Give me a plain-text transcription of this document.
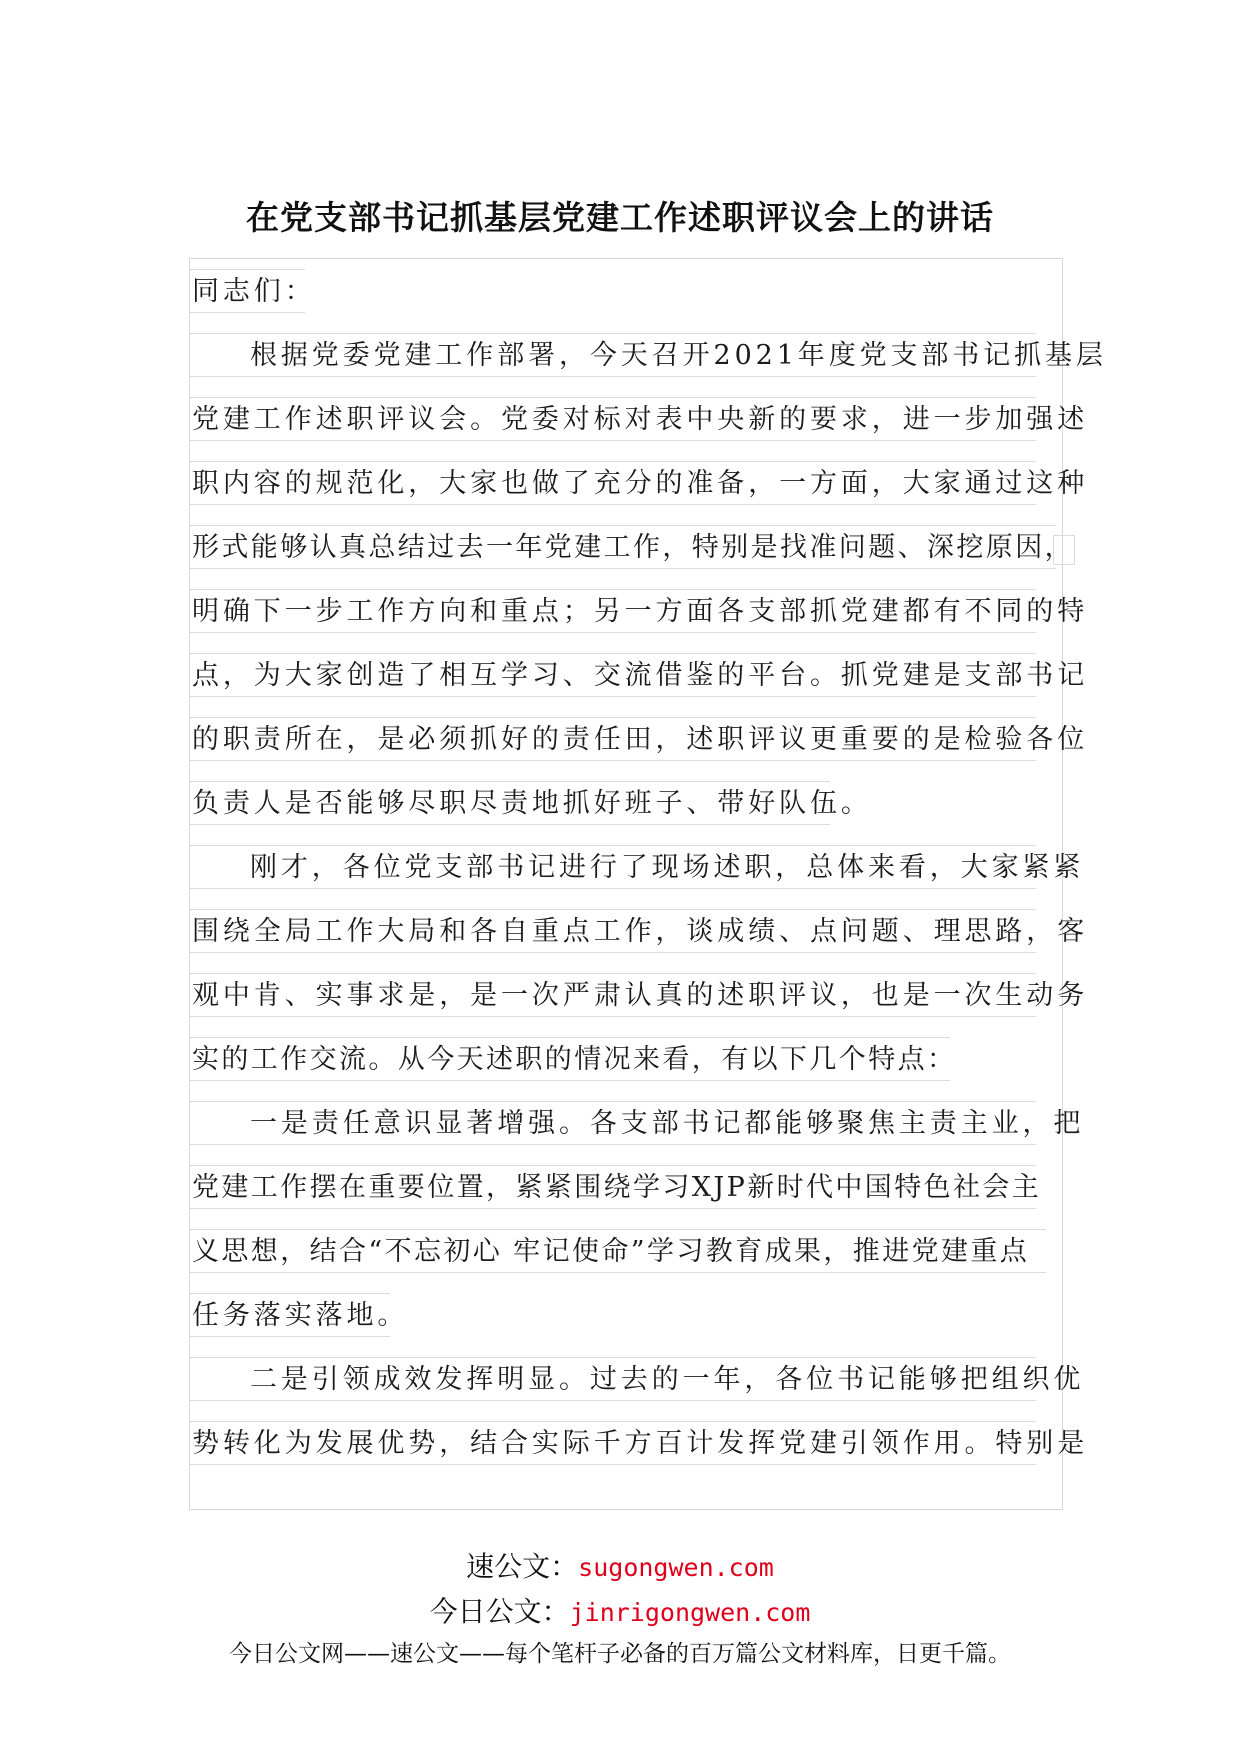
在党支部书记抓基层党建工作述职评议会上的讲话
同志们：
根据党委党建工作部署，今天召开2021年度党支部书记抓基层
党建工作述职评议会。党委对标对表中央新的要求，进一步加强述
职内容的规范化，大家也做了充分的准备，一方面，大家通过这种
形式能够认真总结过去一年党建工作，特别是找准问题、深挖原因，
明确下一步工作方向和重点；另一方面各支部抓党建都有不同的特
点，为大家创造了相互学习、交流借鉴的平台。抓党建是支部书记
的职责所在，是必须抓好的责任田，述职评议更重要的是检验各位
负责人是否能够尽职尽责地抓好班子、带好队伍。
刚才，各位党支部书记进行了现场述职，总体来看，大家紧紧
围绕全局工作大局和各自重点工作，谈成绩、点问题、理思路，客
观中肯、实事求是，是一次严肃认真的述职评议，也是一次生动务
实的工作交流。从今天述职的情况来看，有以下几个特点：
一是责任意识显著增强。各支部书记都能够聚焦主责主业，把
党建工作摆在重要位置，紧紧围绕学习XJP新时代中国特色社会主
义思想，结合“不忘初心 牢记使命”学习教育成果，推进党建重点
任务落实落地。
二是引领成效发挥明显。过去的一年，各位书记能够把组织优
势转化为发展优势，结合实际千方百计发挥党建引领作用。特别是
速公文：sugongwen.com
今日公文：jinrigongwen.com
今日公文网——速公文——每个笔杆子必备的百万篇公文材料库，日更千篇。
